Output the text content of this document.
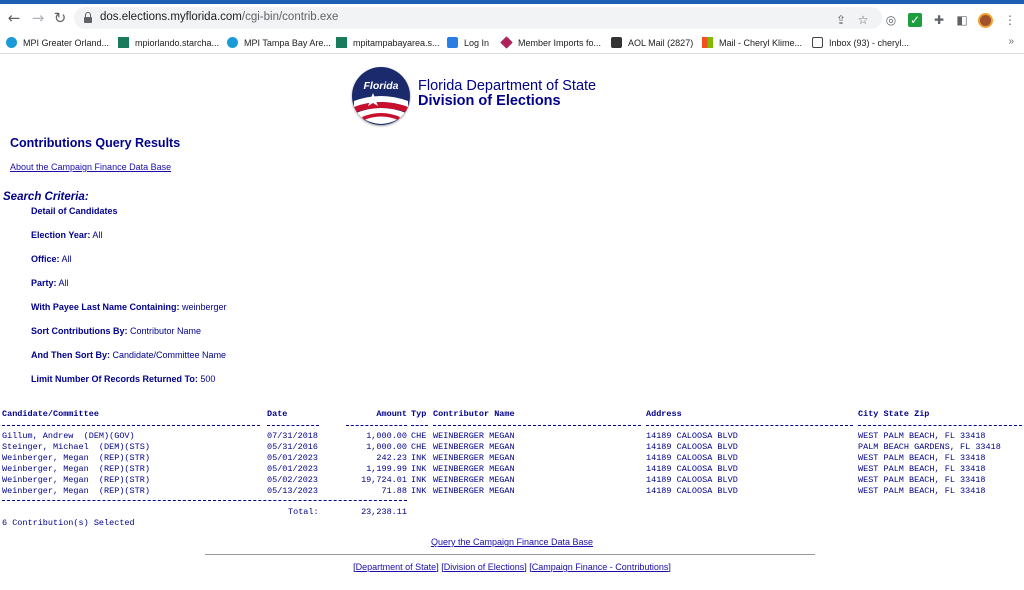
← → ↻	dos.elections.myflorida.com/cgi-bin/contrib.exe	⇪ ☆ ◎ ✓ ✚ ◧	⋮
MPI Greater Orland...	mpiorlando.starcha...	MPI Tampa Bay Are...	mpitampabayarea.s...	Log In	Member Imports fo...	AOL Mail (2827)	Mail - Cheryl Klime...	Inbox (93) - cheryl...	»
Florida	Florida Department of State
Division of Elections
Contributions Query Results
About the Campaign Finance Data Base
Search Criteria:
Detail of Candidates
Election Year: All
Office: All
Party: All
With Payee Last Name Containing: weinberger
Sort Contributions By: Contributor Name
And Then Sort By: Candidate/Committee Name
Limit Number Of Records Returned To: 500
Candidate/Committee	Date	Amount Typ Contributor Name	Address	City State Zip
Gillum, Andrew  (DEM)(GOV)	07/31/2018	1,000.00 CHE WEINBERGER MEGAN	14189 CALOOSA BLVD	WEST PALM BEACH, FL 33418
Steinger, Michael  (DEM)(STS)	05/31/2016	1,000.00 CHE WEINBERGER MEGAN	14189 CALOOSA BLVD	PALM BEACH GARDENS, FL 33418
Weinberger, Megan  (REP)(STR)	05/01/2023	242.23 INK WEINBERGER MEGAN	14189 CALOOSA BLVD	WEST PALM BEACH, FL 33418
Weinberger, Megan  (REP)(STR)	05/01/2023	1,199.99 INK WEINBERGER MEGAN	14189 CALOOSA BLVD	WEST PALM BEACH, FL 33418
Weinberger, Megan  (REP)(STR)	05/02/2023	19,724.01 INK WEINBERGER MEGAN	14189 CALOOSA BLVD	WEST PALM BEACH, FL 33418
Weinberger, Megan  (REP)(STR)	05/13/2023	71.88 INK WEINBERGER MEGAN	14189 CALOOSA BLVD	WEST PALM BEACH, FL 33418
Total:	23,238.11
6 Contribution(s) Selected
Query the Campaign Finance Data Base
[Department of State] [Division of Elections] [Campaign Finance - Contributions]
